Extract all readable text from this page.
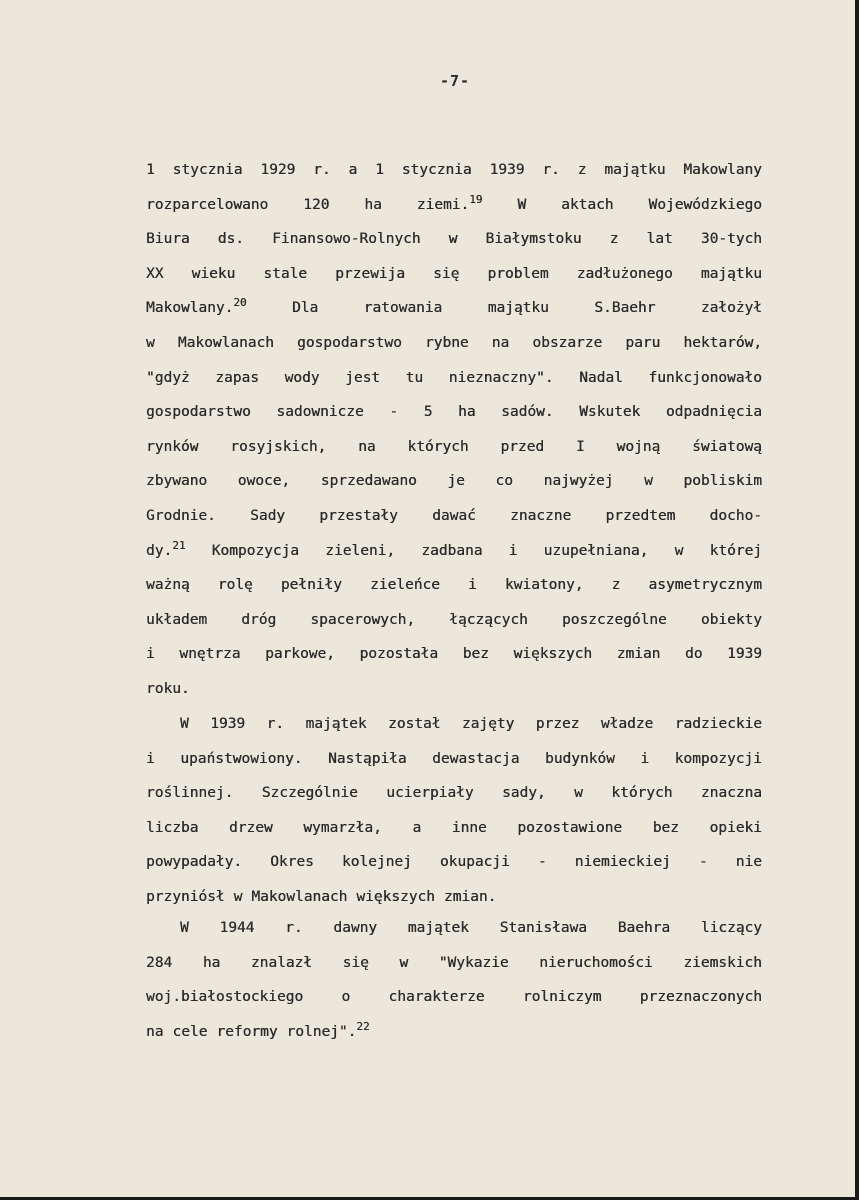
-7-
1 stycznia 1929 r. a 1 stycznia 1939 r. z majątku Makowlany
rozparcelowano 120 ha ziemi.$^{19}$ W aktach Wojewódzkiego
Biura ds. Finansowo-Rolnych w Białymstoku z lat 30-tych
XX wieku stale przewija się problem zadłużonego majątku
Makowlany.$^{20}$	Dla	ratowania	majątku	S.Baehr	założył
w Makowlanach gospodarstwo rybne na obszarze paru hektarów,
"gdyż zapas wody jest tu nieznaczny". Nadal funkcjonowało
gospodarstwo sadownicze - 5 ha sadów. Wskutek odpadnięcia
rynków rosyjskich, na których przed I wojną światową
zbywano owoce, sprzedawano je co najwyżej w pobliskim
Grodnie. Sady przestały dawać znaczne przedtem docho-
dy.$^{21}$ Kompozycja zieleni, zadbana i uzupełniana, w której
ważną rolę pełniły zieleńce i kwiatony, z asymetrycznym
układem dróg spacerowych, łączących poszczególne obiekty
i wnętrza parkowe, pozostała bez większych zmian do 1939
roku.
W 1939 r. majątek został zajęty przez władze radzieckie
i upaństwowiony. Nastąpiła dewastacja budynków i kompozycji
roślinnej. Szczególnie ucierpiały sady, w których znaczna
liczba drzew wymarzła, a inne pozostawione bez opieki
powypadały. Okres kolejnej okupacji - niemieckiej - nie
przyniósł w Makowlanach większych zmian.
W 1944 r. dawny majątek Stanisława Baehra liczący
284 ha znalazł się w "Wykazie nieruchomości ziemskich
woj.białostockiego	o	charakterze	rolniczym	przeznaczonych
na cele reformy rolnej".$^{22}$
